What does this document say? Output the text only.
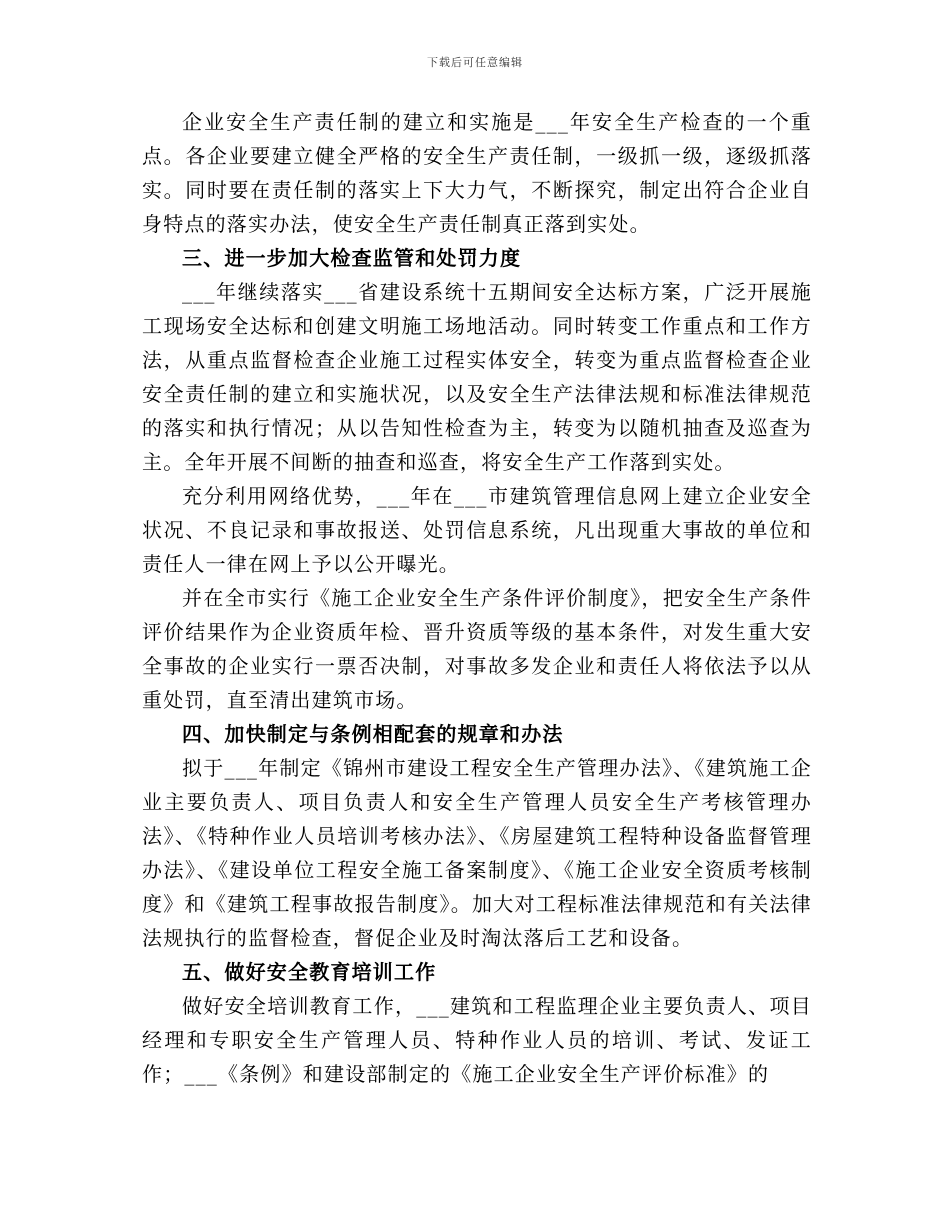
下载后可任意编辑

企业安全生产责任制的建立和实施是___年安全生产检查的一个重点。各企业要建立健全严格的安全生产责任制，一级抓一级，逐级抓落实。同时要在责任制的落实上下大力气，不断探究，制定出符合企业自身特点的落实办法，使安全生产责任制真正落到实处。

三、进一步加大检查监管和处罚力度

___年继续落实___省建设系统十五期间安全达标方案，广泛开展施工现场安全达标和创建文明施工场地活动。同时转变工作重点和工作方法，从重点监督检查企业施工过程实体安全，转变为重点监督检查企业安全责任制的建立和实施状况，以及安全生产法律法规和标准法律规范的落实和执行情况；从以告知性检查为主，转变为以随机抽查及巡查为主。全年开展不间断的抽查和巡查，将安全生产工作落到实处。

充分利用网络优势，___年在___市建筑管理信息网上建立企业安全状况、不良记录和事故报送、处罚信息系统，凡出现重大事故的单位和责任人一律在网上予以公开曝光。

并在全市实行《施工企业安全生产条件评价制度》，把安全生产条件评价结果作为企业资质年检、晋升资质等级的基本条件，对发生重大安全事故的企业实行一票否决制，对事故多发企业和责任人将依法予以从重处罚，直至清出建筑市场。

四、加快制定与条例相配套的规章和办法

拟于___年制定《锦州市建设工程安全生产管理办法》、《建筑施工企业主要负责人、项目负责人和安全生产管理人员安全生产考核管理办法》、《特种作业人员培训考核办法》、《房屋建筑工程特种设备监督管理办法》、《建设单位工程安全施工备案制度》、《施工企业安全资质考核制度》和《建筑工程事故报告制度》。加大对工程标准法律规范和有关法律法规执行的监督检查，督促企业及时淘汰落后工艺和设备。

五、做好安全教育培训工作

做好安全培训教育工作，___建筑和工程监理企业主要负责人、项目经理和专职安全生产管理人员、特种作业人员的培训、考试、发证工作；___《条例》和建设部制定的《施工企业安全生产评价标准》的
